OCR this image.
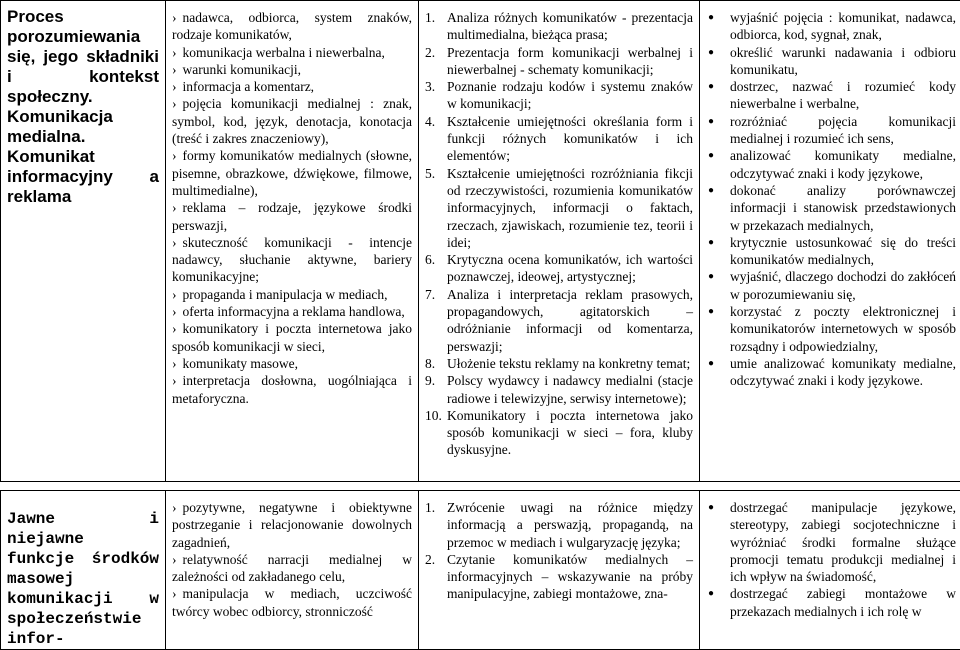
Proces porozumiewania się, jego składniki i kontekst społeczny. Komunikacja medialna. Komunikat informacyjny a reklama

› nadawca, odbiorca, system znaków, rodzaje komunikatów,
› komunikacja werbalna i niewerbalna,
› warunki komunikacji,
› informacja a komentarz,
› pojęcia komunikacji medialnej : znak, symbol, kod, język, denotacja, konotacja (treść i zakres znaczeniowy),
› formy komunikatów medialnych (słowne, pisemne, obrazkowe, dźwiękowe, filmowe, multimedialne),
› reklama – rodzaje, językowe środki perswazji,
› skuteczność komunikacji - intencje nadawcy, słuchanie aktywne, bariery komunikacyjne;
› propaganda i manipulacja w mediach,
› oferta informacyjna a reklama handlowa,
› komunikatory i poczta internetowa jako sposób komunikacji w sieci,
› komunikaty masowe,
› interpretacja dosłowna, uogólniająca i metaforyczna.

1. Analiza różnych komunikatów - prezentacja multimedialna, bieżąca prasa;
2. Prezentacja form komunikacji werbalnej i niewerbalnej - schematy komunikacji;
3. Poznanie rodzaju kodów i systemu znaków w komunikacji;
4. Kształcenie umiejętności określania form i funkcji różnych komunikatów i ich elementów;
5. Kształcenie umiejętności rozróżniania fikcji od rzeczywistości, rozumienia komunikatów informacyjnych, informacji o faktach, rzeczach, zjawiskach, rozumienie tez, teorii i idei;
6. Krytyczna ocena komunikatów, ich wartości poznawczej, ideowej, artystycznej;
7. Analiza i interpretacja reklam prasowych, propagandowych, agitatorskich – odróżnianie informacji od komentarza, perswazji;
8. Ułożenie tekstu reklamy na konkretny temat;
9. Polscy wydawcy i nadawcy medialni (stacje radiowe i telewizyjne, serwisy internetowe);
10. Komunikatory i poczta internetowa jako sposób komunikacji w sieci – fora, kluby dyskusyjne.

●	wyjaśnić pojęcia : komunikat, nadawca, odbiorca, kod, sygnał, znak,
●	określić warunki nadawania i odbioru komunikatu,
●	dostrzec, nazwać i rozumieć kody niewerbalne i werbalne,
●	rozróżniać pojęcia komunikacji medialnej i rozumieć ich sens,
●	analizować komunikaty medialne, odczytywać znaki i kody językowe,
●	dokonać analizy porównawczej informacji i stanowisk przedstawionych w przekazach medialnych,
●	krytycznie ustosunkować się do treści komunikatów medialnych,
●	wyjaśnić, dlaczego dochodzi do zakłóceń w porozumiewaniu się,
●	korzystać z poczty elektronicznej i komunikatorów internetowych w sposób rozsądny i odpowiedzialny,
●	umie analizować komunikaty medialne, odczytywać znaki i kody językowe.
Jawne i niejawne funkcje środków masowej komunikacji w społeczeństwie infor-

› pozytywne, negatywne i obiektywne postrzeganie i relacjonowanie dowolnych zagadnień,
› relatywność narracji medialnej w zależności od zakładanego celu,
› manipulacja w mediach, uczciwość twórcy wobec odbiorcy, stronniczość

1. Zwrócenie uwagi na różnice między informacją a perswazją, propagandą, na przemoc w mediach i wulgaryzację języka;
2. Czytanie komunikatów medialnych – informacyjnych – wskazywanie na próby manipulacyjne, zabiegi montażowe, zna-

●	dostrzegać manipulacje językowe, stereotypy, zabiegi socjotechniczne i wyróżniać środki formalne służące promocji tematu produkcji medialnej i ich wpływ na świadomość,
●	dostrzegać zabiegi montażowe w przekazach medialnych i ich rolę w
